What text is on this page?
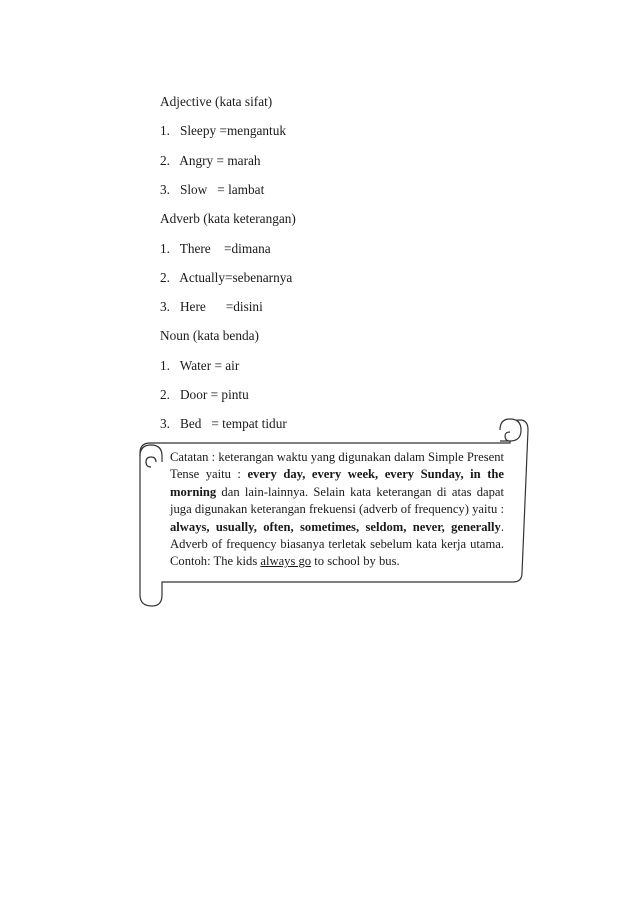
Adjective (kata sifat)
1.   Sleepy =mengantuk
2.   Angry = marah
3.   Slow   = lambat
Adverb (kata keterangan)
1.   There    =dimana
2.   Actually=sebenarnya
3.   Here      =disini
Noun (kata benda)
1.   Water = air
2.   Door = pintu
3.   Bed   = tempat tidur
Catatan : keterangan waktu yang digunakan dalam Simple Present Tense yaitu : every day, every week, every Sunday, in the morning dan lain-lainnya. Selain kata keterangan di atas dapat juga digunakan keterangan frekuensi (adverb of frequency) yaitu : always, usually, often, sometimes, seldom, never, generally. Adverb of frequency biasanya terletak sebelum kata kerja utama. Contoh: The kids always go to school by bus.
